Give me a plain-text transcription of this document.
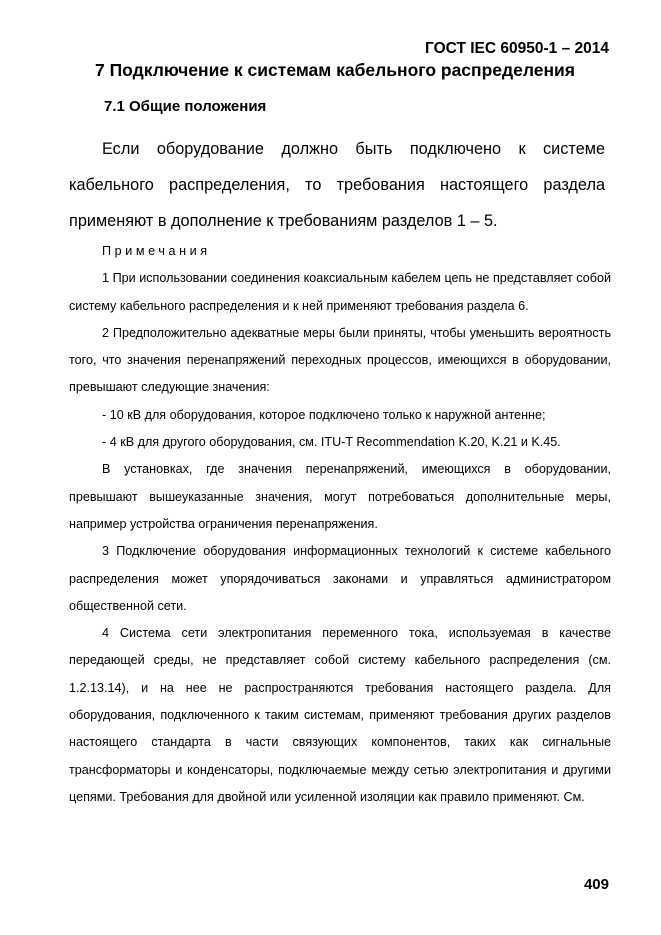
ГОСТ IEC 60950-1 – 2014
7 Подключение к системам кабельного распределения
7.1 Общие положения

Если оборудование должно быть подключено к системе кабельного распределения, то требования настоящего раздела применяют в дополнение к требованиям разделов 1 – 5.

Примечания

1 При использовании соединения коаксиальным кабелем цепь не представляет собой систему кабельного распределения и к ней применяют требования раздела 6.

2 Предположительно адекватные меры были приняты, чтобы уменьшить вероятность того, что значения перенапряжений переходных процессов, имеющихся в оборудовании, превышают следующие значения:

- 10 кВ для оборудования, которое подключено только к наружной антенне;

- 4 кВ для другого оборудования, см. ITU-T Recommendation K.20, K.21 и K.45.

В установках, где значения перенапряжений, имеющихся в оборудовании, превышают вышеуказанные значения, могут потребоваться дополнительные меры, например устройства ограничения перенапряжения.

3 Подключение оборудования информационных технологий к системе кабельного распределения может упорядочиваться законами и управляться администратором общественной сети.

4 Система сети электропитания переменного тока, используемая в качестве передающей среды, не представляет собой систему кабельного распределения (см. 1.2.13.14), и на нее не распространяются требования настоящего раздела. Для оборудования, подключенного к таким системам, применяют требования других разделов настоящего стандарта в части связующих компонентов, таких как сигнальные трансформаторы и конденсаторы, подключаемые между сетью электропитания и другими цепями. Требования для двойной или усиленной изоляции как правило применяют. См.

409
